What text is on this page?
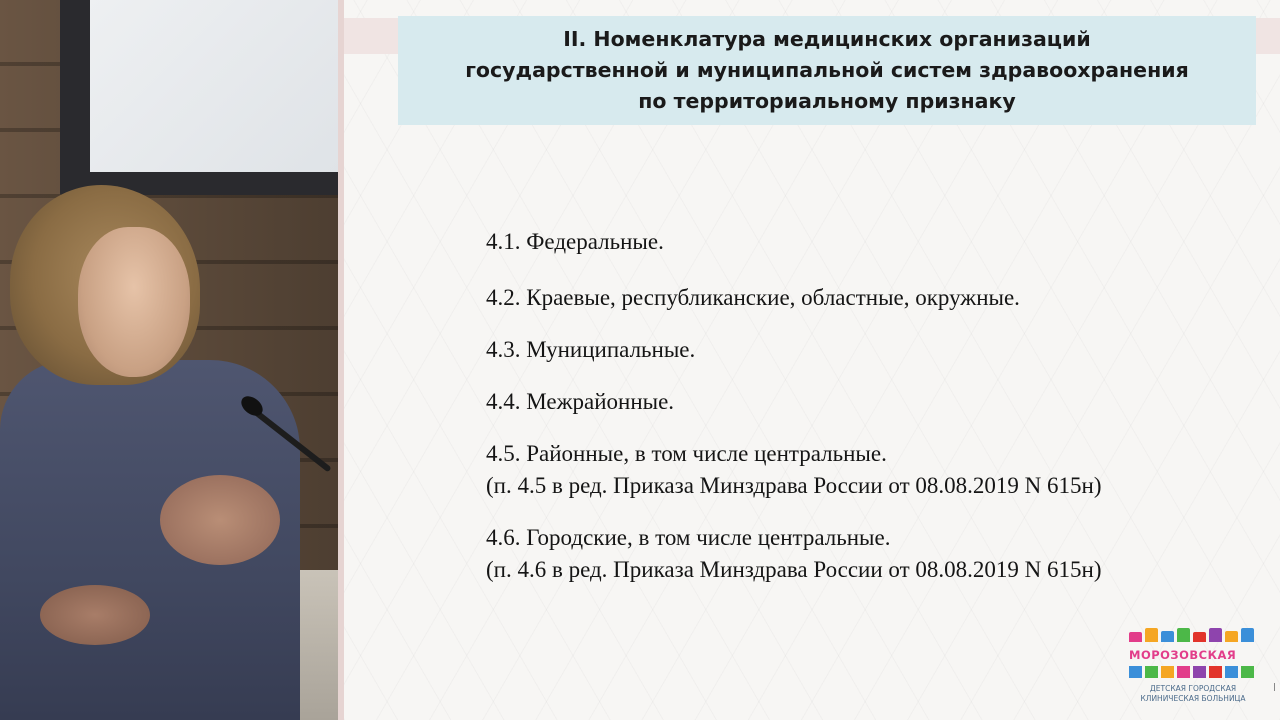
II. Номенклатура медицинских организаций
государственной и муниципальной систем здравоохранения
по территориальному признаку
4.1. Федеральные.
4.2. Краевые, республиканские, областные, окружные.
4.3. Муниципальные.
4.4. Межрайонные.
4.5. Районные, в том числе центральные.
(п. 4.5 в ред. Приказа Минздрава России от 08.08.2019 N 615н)
4.6. Городские, в том числе центральные.
(п. 4.6 в ред. Приказа Минздрава России от 08.08.2019 N 615н)
МОРОЗОВСКАЯ
ДЕТСКАЯ ГОРОДСКАЯ
КЛИНИЧЕСКАЯ БОЛЬНИЦА
